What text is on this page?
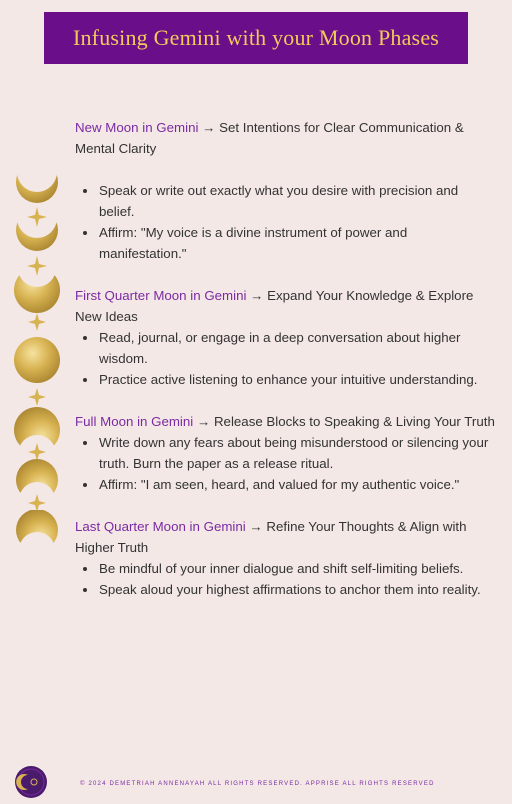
Infusing Gemini with your Moon Phases

New Moon in Gemini → Set Intentions for Clear Communication & Mental Clarity

• Speak or write out exactly what you desire with precision and belief.
• Affirm: "My voice is a divine instrument of power and manifestation."

First Quarter Moon in Gemini → Expand Your Knowledge & Explore New Ideas

• Read, journal, or engage in a deep conversation about higher wisdom.
• Practice active listening to enhance your intuitive understanding.

Full Moon in Gemini → Release Blocks to Speaking & Living Your Truth

• Write down any fears about being misunderstood or silencing your truth. Burn the paper as a release ritual.
• Affirm: "I am seen, heard, and valued for my authentic voice."

Last Quarter Moon in Gemini → Refine Your Thoughts & Align with Higher Truth

• Be mindful of your inner dialogue and shift self-limiting beliefs.
• Speak aloud your highest affirmations to anchor them into reality.
© 2024 DEMETRIAH ANNENAYAH ALL RIGHTS RESERVED. APPRISE ALL RIGHTS RESERVED
